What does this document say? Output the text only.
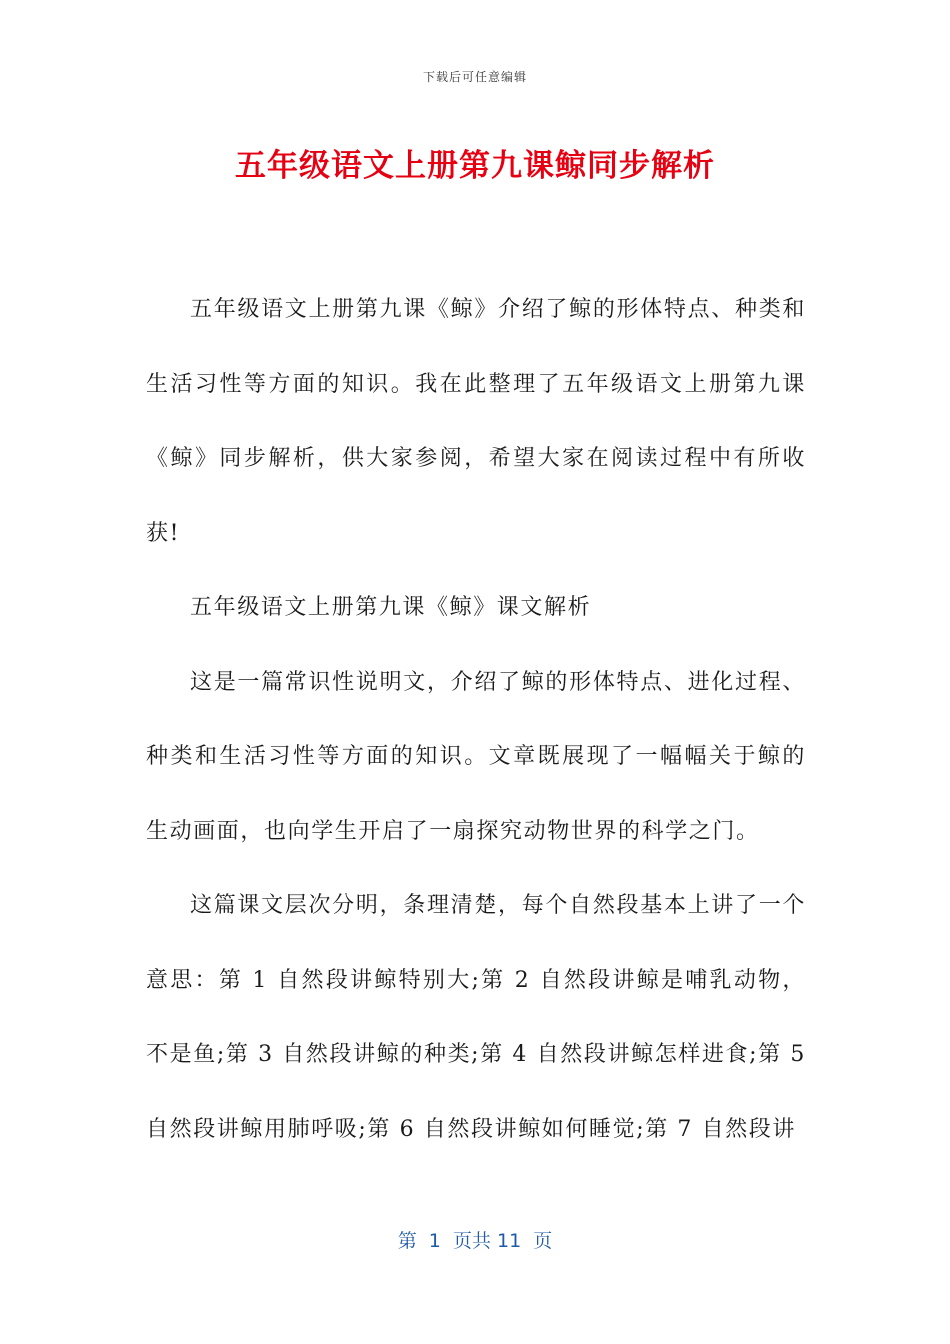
下载后可任意编辑
五年级语文上册第九课鲸同步解析

五年级语文上册第九课《鲸》介绍了鲸的形体特点、种类和生活习性等方面的知识。我在此整理了五年级语文上册第九课《鲸》同步解析，供大家参阅，希望大家在阅读过程中有所收获!

五年级语文上册第九课《鲸》课文解析

这是一篇常识性说明文，介绍了鲸的形体特点、进化过程、种类和生活习性等方面的知识。文章既展现了一幅幅关于鲸的生动画面，也向学生开启了一扇探究动物世界的科学之门。

这篇课文层次分明，条理清楚，每个自然段基本上讲了一个意思：第 1 自然段讲鲸特别大;第 2 自然段讲鲸是哺乳动物，不是鱼;第 3 自然段讲鲸的种类;第 4 自然段讲鲸怎样进食;第 5 自然段讲鲸用肺呼吸;第 6 自然段讲鲸如何睡觉;第 7 自然段讲

第  1  页共 11  页
